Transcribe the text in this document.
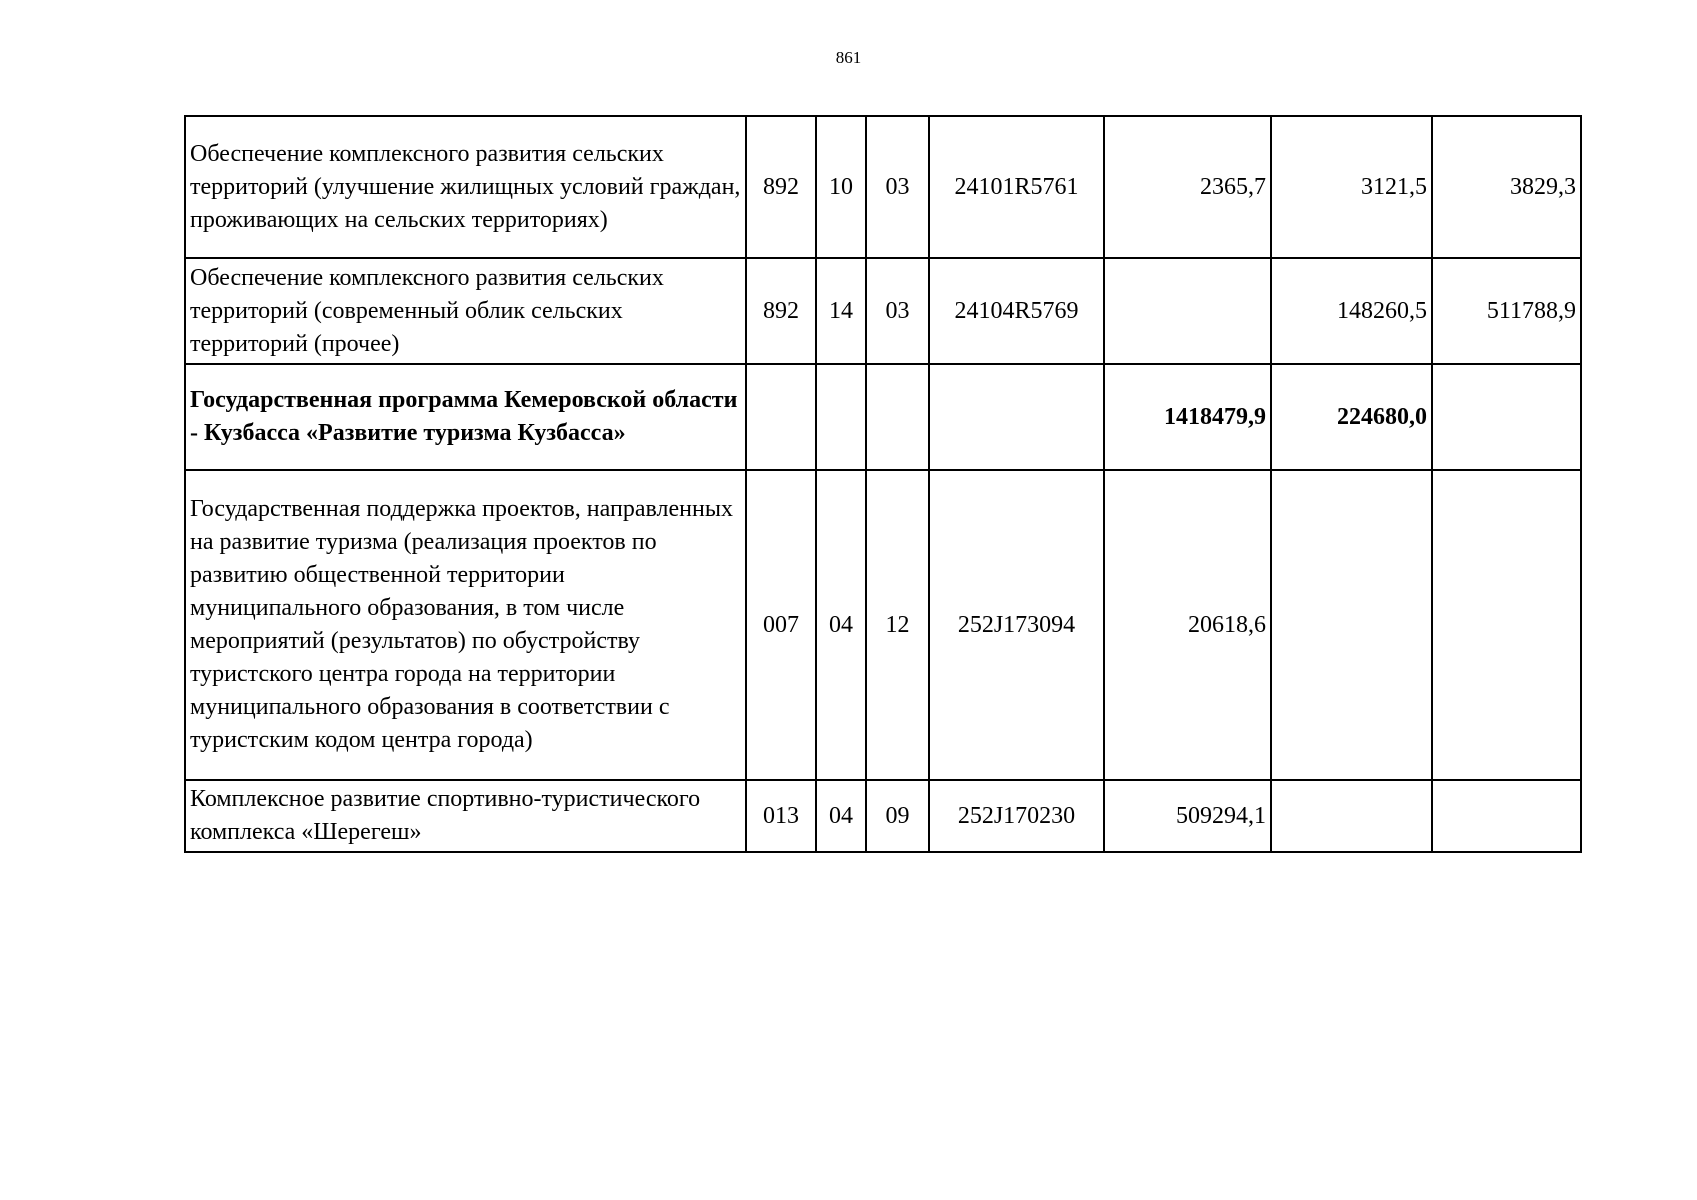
861
Обеспечение комплексного развития сельских территорий (улучшение жилищных условий граждан, проживающих на сельских территориях)	892	10	03	24101R5761	2365,7	3121,5	3829,3
Обеспечение комплексного развития сельских территорий (современный облик сельских территорий (прочее)	892	14	03	24104R5769		148260,5	511788,9
Государственная программа Кемеровской области - Кузбасса «Развитие туризма Кузбасса»					1418479,9	224680,0	
Государственная поддержка проектов, направленных на развитие туризма (реализация проектов по развитию общественной территории муниципального образования, в том числе мероприятий (результатов) по обустройству туристского центра города на территории муниципального образования в соответствии с туристским кодом центра города)	007	04	12	252J173094	20618,6		
Комплексное развитие спортивно-туристического комплекса «Шерегеш»	013	04	09	252J170230	509294,1		
